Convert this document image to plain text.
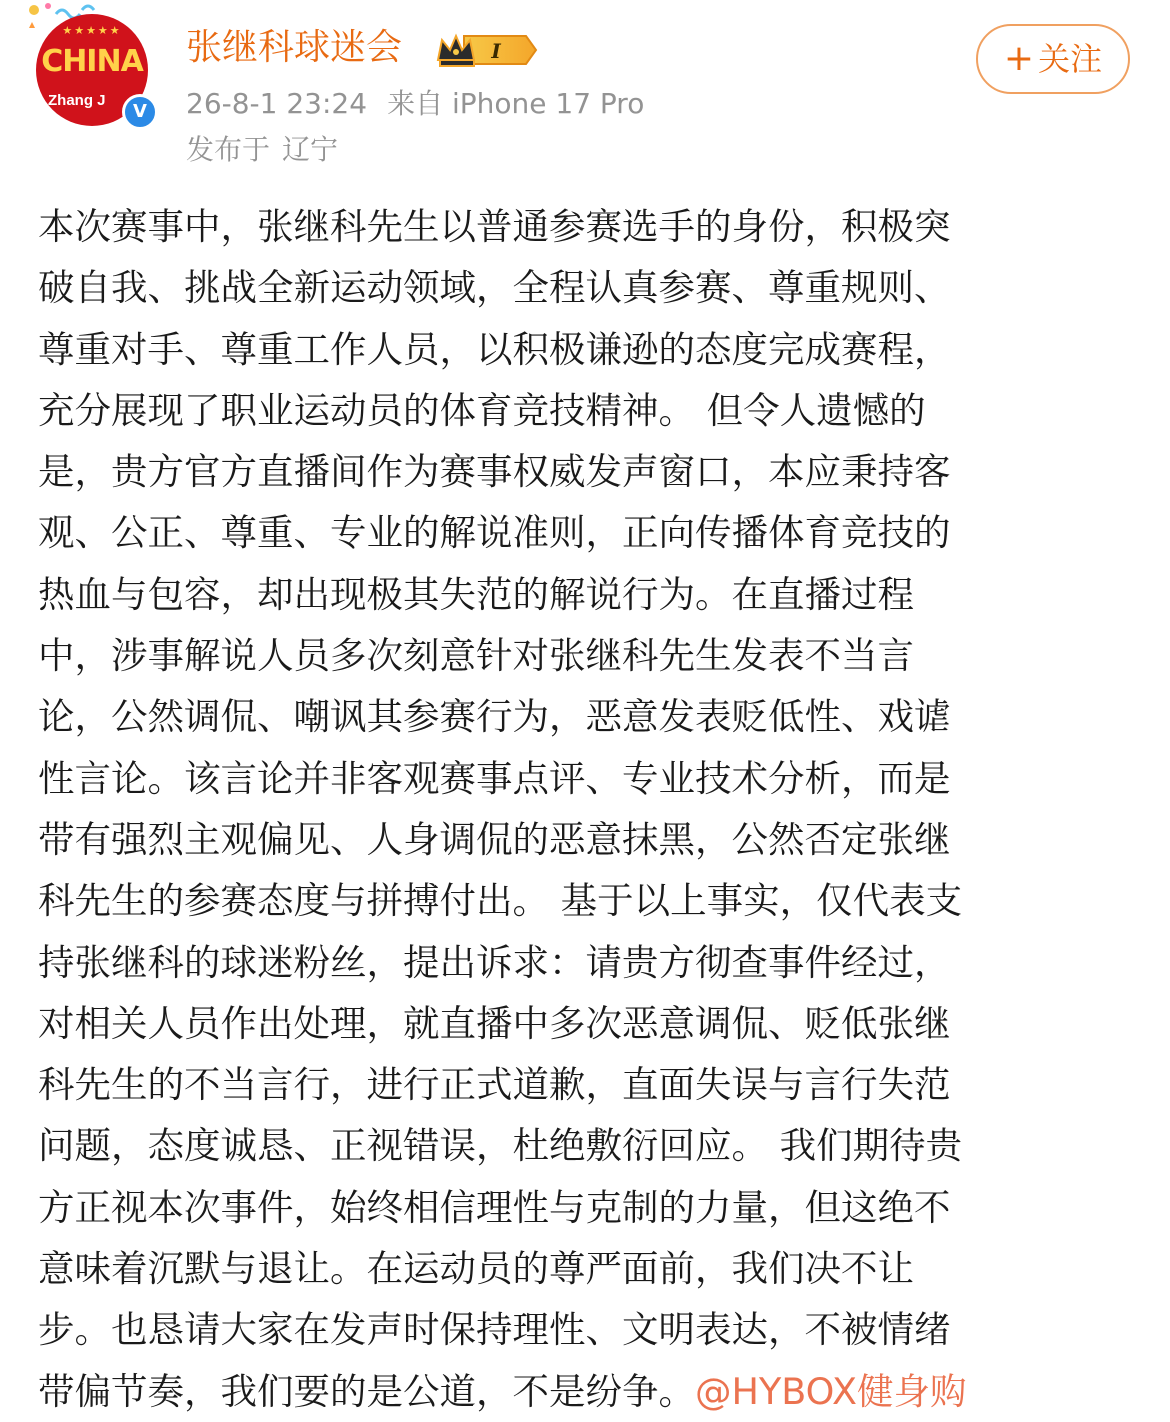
★★★★★
CHINA
Zhang J
V
张继科球迷会	I
26-8-1 23:24 来自 iPhone 17 Pro
发布于 辽宁
+ 关注
本次赛事中，张继科先生以普通参赛选手的身份，积极突
破自我、挑战全新运动领域，全程认真参赛、尊重规则、
尊重对手、尊重工作人员，以积极谦逊的态度完成赛程，
充分展现了职业运动员的体育竞技精神。 但令人遗憾的
是，贵方官方直播间作为赛事权威发声窗口，本应秉持客
观、公正、尊重、专业的解说准则，正向传播体育竞技的
热血与包容，却出现极其失范的解说行为。在直播过程
中，涉事解说人员多次刻意针对张继科先生发表不当言
论，公然调侃、嘲讽其参赛行为，恶意发表贬低性、戏谑
性言论。该言论并非客观赛事点评、专业技术分析，而是
带有强烈主观偏见、人身调侃的恶意抹黑，公然否定张继
科先生的参赛态度与拼搏付出。 基于以上事实，仅代表支
持张继科的球迷粉丝，提出诉求：请贵方彻查事件经过，
对相关人员作出处理，就直播中多次恶意调侃、贬低张继
科先生的不当言行，进行正式道歉，直面失误与言行失范
问题，态度诚恳、正视错误，杜绝敷衍回应。 我们期待贵
方正视本次事件，始终相信理性与克制的力量，但这绝不
意味着沉默与退让。在运动员的尊严面前，我们决不让
步。也恳请大家在发声时保持理性、文明表达，不被情绪
带偏节奏，我们要的是公道，不是纷争。@HYBOX健身购
